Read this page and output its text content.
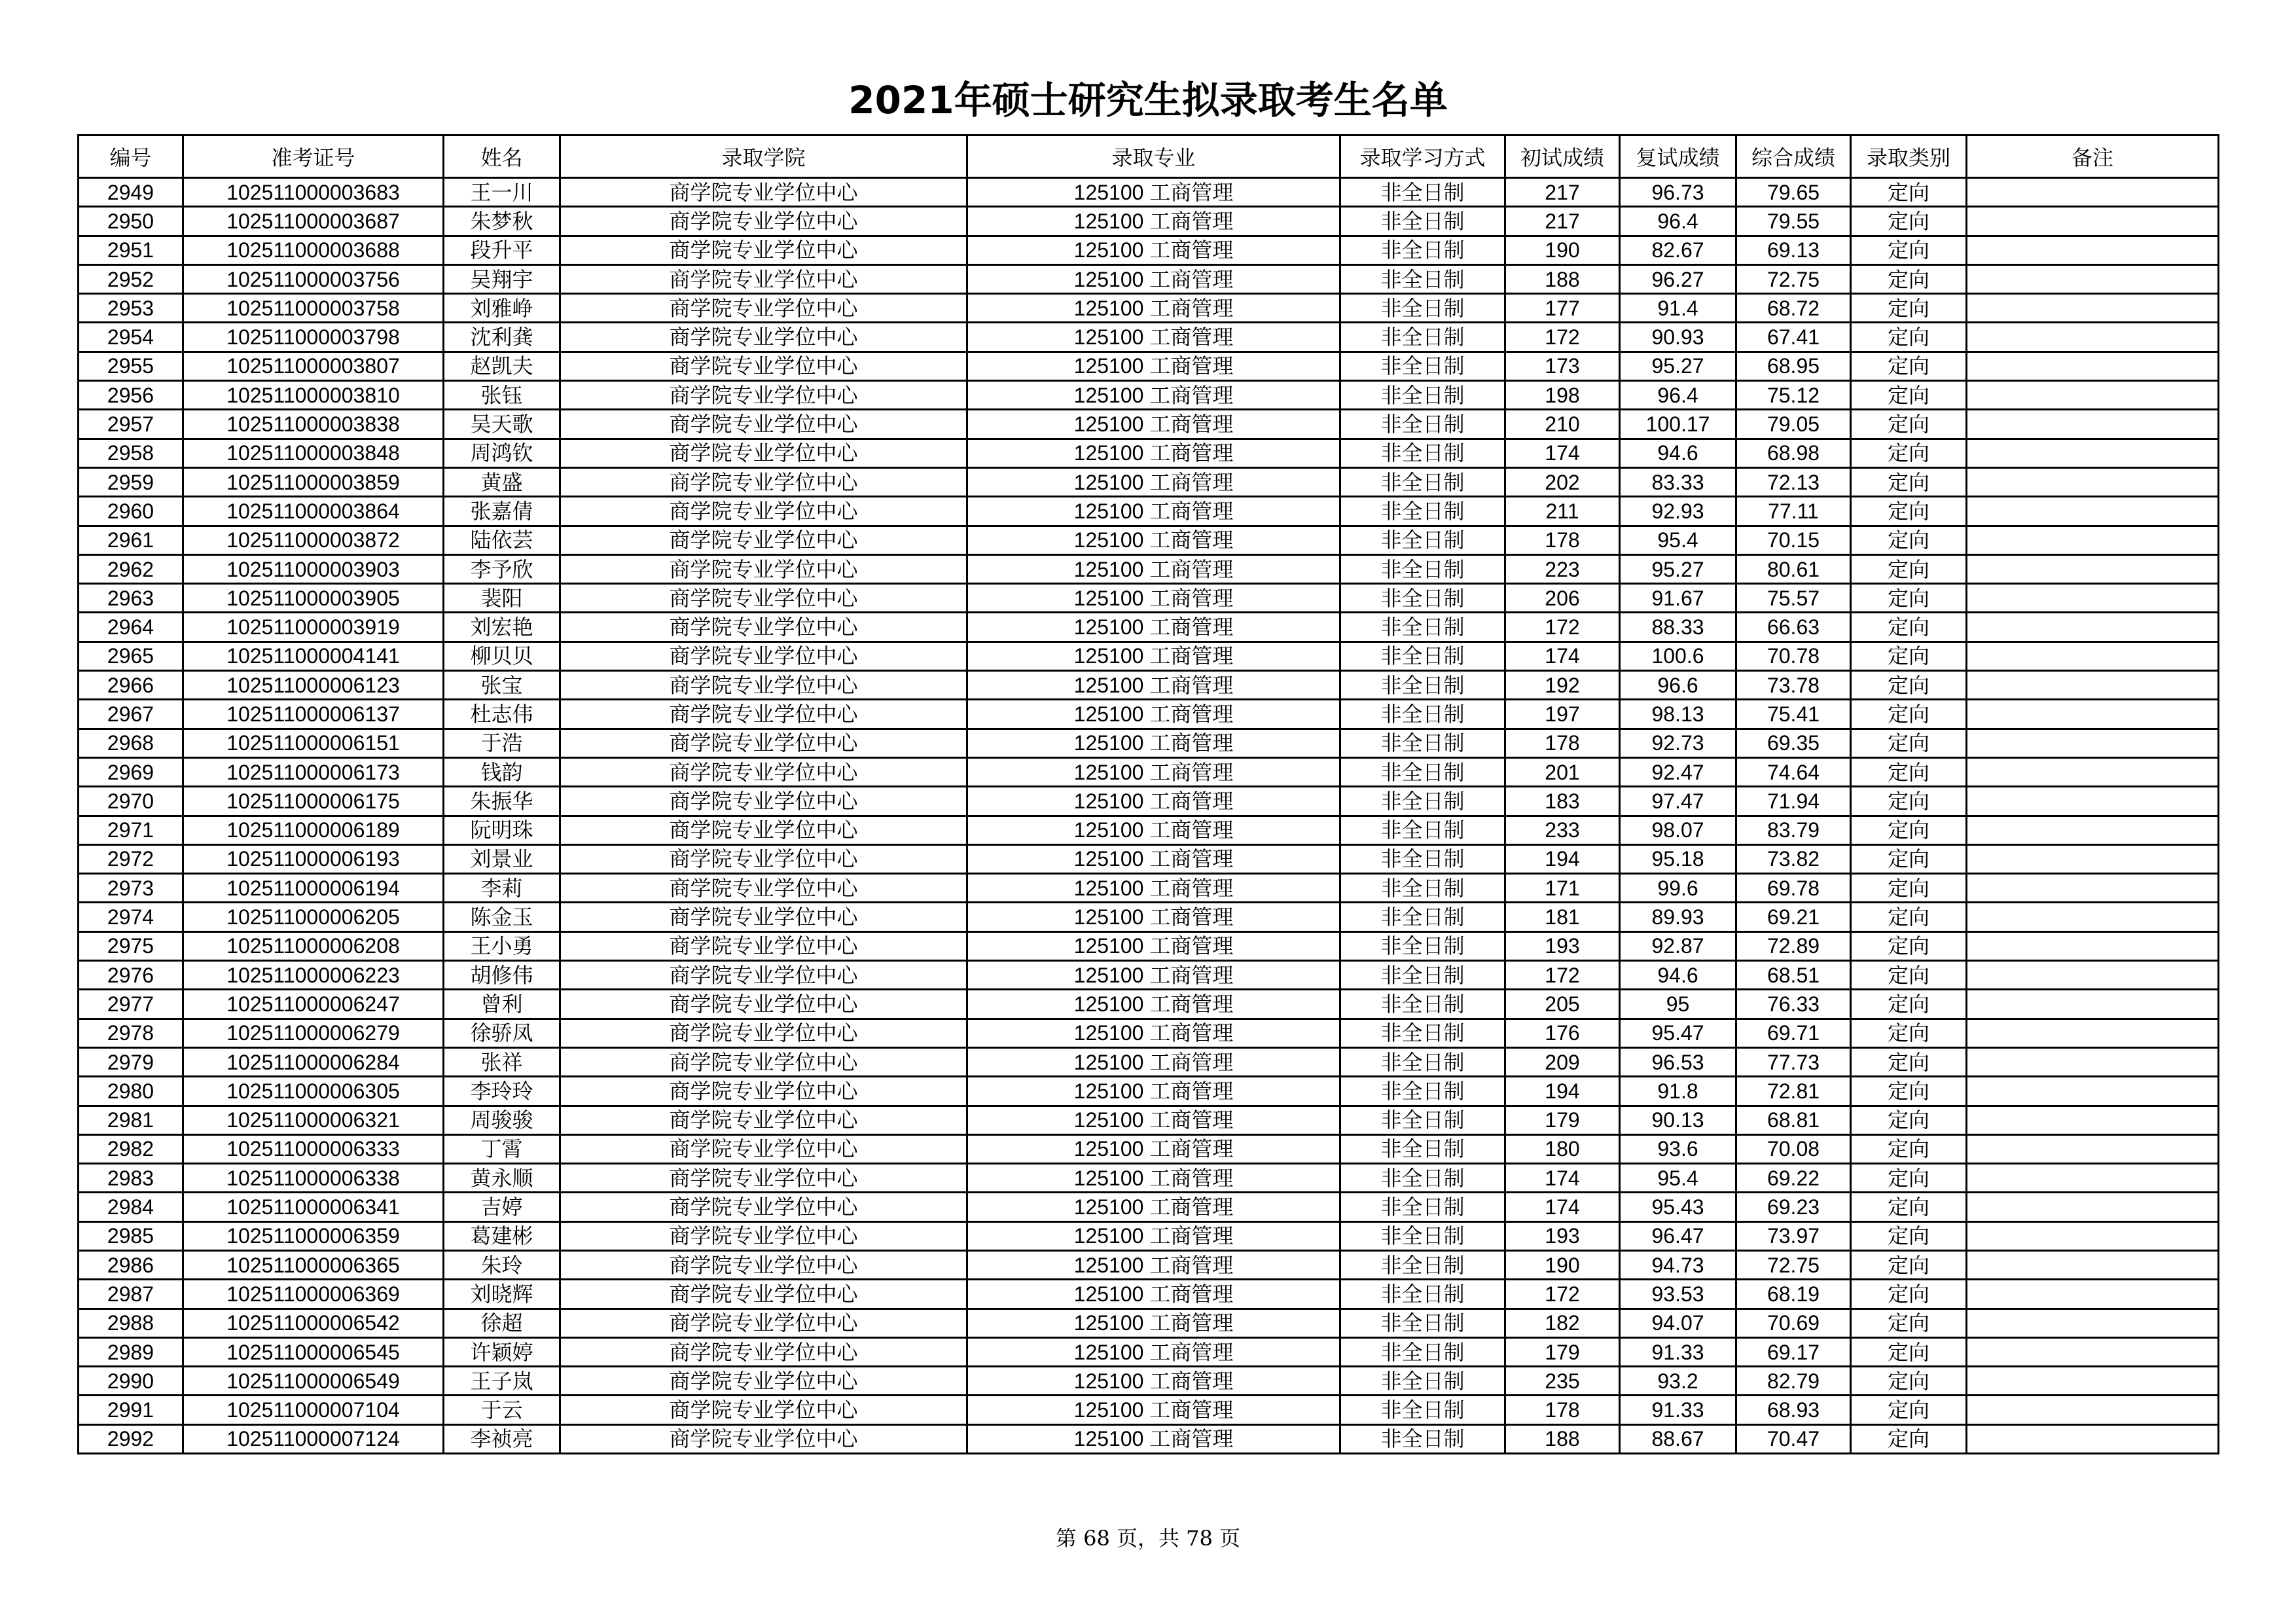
2021年硕士研究生拟录取考生名单
编号	准考证号	姓名	录取学院	录取专业	录取学习方式	初试成绩	复试成绩	综合成绩	录取类别	备注
2949	102511000003683	王一川	商学院专业学位中心	125100 工商管理	非全日制	217	96.73	79.65	定向	
2950	102511000003687	朱梦秋	商学院专业学位中心	125100 工商管理	非全日制	217	96.4	79.55	定向	
2951	102511000003688	段升平	商学院专业学位中心	125100 工商管理	非全日制	190	82.67	69.13	定向	
2952	102511000003756	吴翔宇	商学院专业学位中心	125100 工商管理	非全日制	188	96.27	72.75	定向	
2953	102511000003758	刘雅峥	商学院专业学位中心	125100 工商管理	非全日制	177	91.4	68.72	定向	
2954	102511000003798	沈利龚	商学院专业学位中心	125100 工商管理	非全日制	172	90.93	67.41	定向	
2955	102511000003807	赵凯夫	商学院专业学位中心	125100 工商管理	非全日制	173	95.27	68.95	定向	
2956	102511000003810	张钰	商学院专业学位中心	125100 工商管理	非全日制	198	96.4	75.12	定向	
2957	102511000003838	吴天歌	商学院专业学位中心	125100 工商管理	非全日制	210	100.17	79.05	定向	
2958	102511000003848	周鸿钦	商学院专业学位中心	125100 工商管理	非全日制	174	94.6	68.98	定向	
2959	102511000003859	黄盛	商学院专业学位中心	125100 工商管理	非全日制	202	83.33	72.13	定向	
2960	102511000003864	张嘉倩	商学院专业学位中心	125100 工商管理	非全日制	211	92.93	77.11	定向	
2961	102511000003872	陆依芸	商学院专业学位中心	125100 工商管理	非全日制	178	95.4	70.15	定向	
2962	102511000003903	李予欣	商学院专业学位中心	125100 工商管理	非全日制	223	95.27	80.61	定向	
2963	102511000003905	裴阳	商学院专业学位中心	125100 工商管理	非全日制	206	91.67	75.57	定向	
2964	102511000003919	刘宏艳	商学院专业学位中心	125100 工商管理	非全日制	172	88.33	66.63	定向	
2965	102511000004141	柳贝贝	商学院专业学位中心	125100 工商管理	非全日制	174	100.6	70.78	定向	
2966	102511000006123	张宝	商学院专业学位中心	125100 工商管理	非全日制	192	96.6	73.78	定向	
2967	102511000006137	杜志伟	商学院专业学位中心	125100 工商管理	非全日制	197	98.13	75.41	定向	
2968	102511000006151	于浩	商学院专业学位中心	125100 工商管理	非全日制	178	92.73	69.35	定向	
2969	102511000006173	钱韵	商学院专业学位中心	125100 工商管理	非全日制	201	92.47	74.64	定向	
2970	102511000006175	朱振华	商学院专业学位中心	125100 工商管理	非全日制	183	97.47	71.94	定向	
2971	102511000006189	阮明珠	商学院专业学位中心	125100 工商管理	非全日制	233	98.07	83.79	定向	
2972	102511000006193	刘景业	商学院专业学位中心	125100 工商管理	非全日制	194	95.18	73.82	定向	
2973	102511000006194	李莉	商学院专业学位中心	125100 工商管理	非全日制	171	99.6	69.78	定向	
2974	102511000006205	陈金玉	商学院专业学位中心	125100 工商管理	非全日制	181	89.93	69.21	定向	
2975	102511000006208	王小勇	商学院专业学位中心	125100 工商管理	非全日制	193	92.87	72.89	定向	
2976	102511000006223	胡修伟	商学院专业学位中心	125100 工商管理	非全日制	172	94.6	68.51	定向	
2977	102511000006247	曾利	商学院专业学位中心	125100 工商管理	非全日制	205	95	76.33	定向	
2978	102511000006279	徐骄凤	商学院专业学位中心	125100 工商管理	非全日制	176	95.47	69.71	定向	
2979	102511000006284	张祥	商学院专业学位中心	125100 工商管理	非全日制	209	96.53	77.73	定向	
2980	102511000006305	李玲玲	商学院专业学位中心	125100 工商管理	非全日制	194	91.8	72.81	定向	
2981	102511000006321	周骏骏	商学院专业学位中心	125100 工商管理	非全日制	179	90.13	68.81	定向	
2982	102511000006333	丁霄	商学院专业学位中心	125100 工商管理	非全日制	180	93.6	70.08	定向	
2983	102511000006338	黄永顺	商学院专业学位中心	125100 工商管理	非全日制	174	95.4	69.22	定向	
2984	102511000006341	吉婷	商学院专业学位中心	125100 工商管理	非全日制	174	95.43	69.23	定向	
2985	102511000006359	葛建彬	商学院专业学位中心	125100 工商管理	非全日制	193	96.47	73.97	定向	
2986	102511000006365	朱玲	商学院专业学位中心	125100 工商管理	非全日制	190	94.73	72.75	定向	
2987	102511000006369	刘晓辉	商学院专业学位中心	125100 工商管理	非全日制	172	93.53	68.19	定向	
2988	102511000006542	徐超	商学院专业学位中心	125100 工商管理	非全日制	182	94.07	70.69	定向	
2989	102511000006545	许颖婷	商学院专业学位中心	125100 工商管理	非全日制	179	91.33	69.17	定向	
2990	102511000006549	王子岚	商学院专业学位中心	125100 工商管理	非全日制	235	93.2	82.79	定向	
2991	102511000007104	于云	商学院专业学位中心	125100 工商管理	非全日制	178	91.33	68.93	定向	
2992	102511000007124	李祯亮	商学院专业学位中心	125100 工商管理	非全日制	188	88.67	70.47	定向	
第 68 页，共 78 页
